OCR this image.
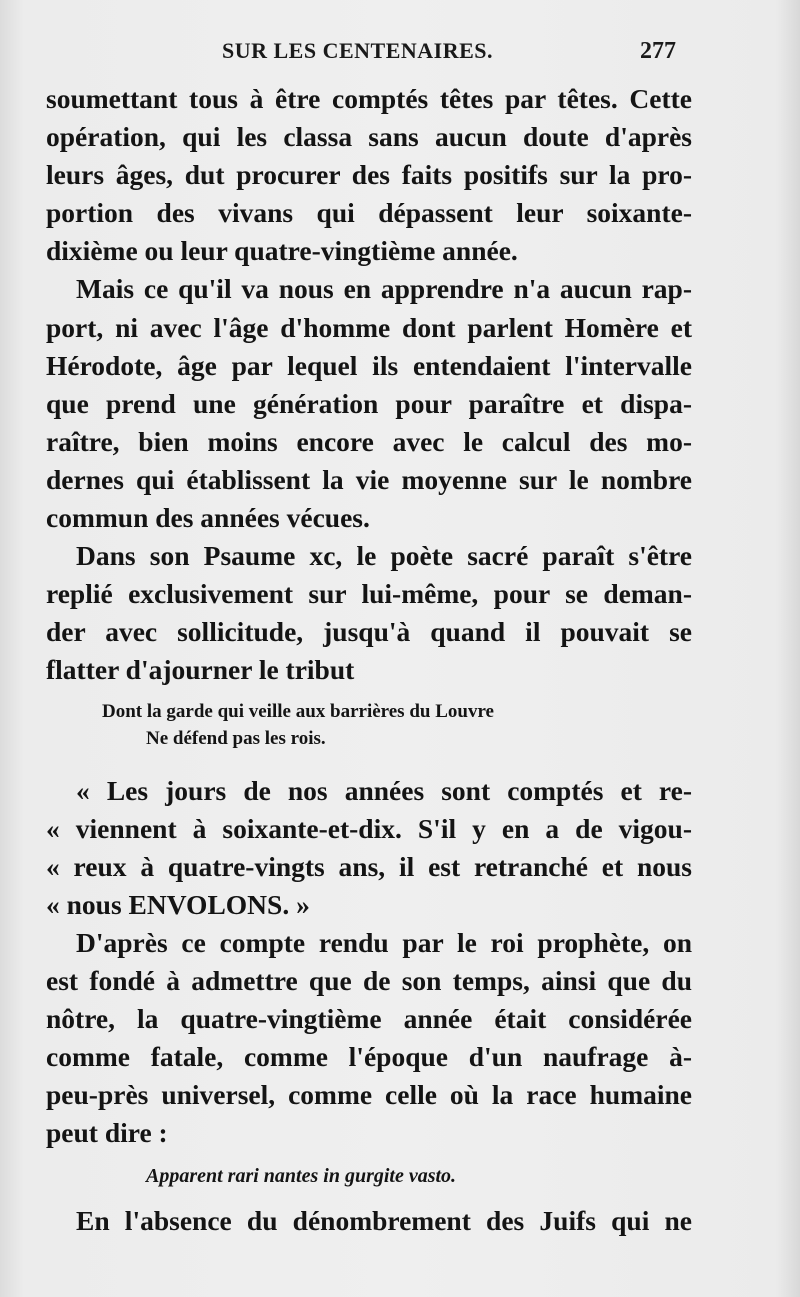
SUR LES CENTENAIRES.	277
soumettant tous à être comptés têtes par têtes. Cette
opération, qui les classa sans aucun doute d'après
leurs âges, dut procurer des faits positifs sur la pro-
portion des vivans qui dépassent leur soixante-
dixième ou leur quatre-vingtième année.
Mais ce qu'il va nous en apprendre n'a aucun rap-
port, ni avec l'âge d'homme dont parlent Homère et
Hérodote, âge par lequel ils entendaient l'intervalle
que prend une génération pour paraître et dispa-
raître, bien moins encore avec le calcul des mo-
dernes qui établissent la vie moyenne sur le nombre
commun des années vécues.
Dans son Psaume xc, le poète sacré paraît s'être
replié exclusivement sur lui-même, pour se deman-
der avec sollicitude, jusqu'à quand il pouvait se
flatter d'ajourner le tribut
Dont la garde qui veille aux barrières du Louvre
Ne défend pas les rois.
« Les jours de nos années sont comptés et re-
« viennent à soixante-et-dix. S'il y en a de vigou-
« reux à quatre-vingts ans, il est retranché et nous
« nous ENVOLONS. »
D'après ce compte rendu par le roi prophète, on
est fondé à admettre que de son temps, ainsi que du
nôtre, la quatre-vingtième année était considérée
comme fatale, comme l'époque d'un naufrage à-
peu-près universel, comme celle où la race humaine
peut dire :
Apparent rari nantes in gurgite vasto.
En l'absence du dénombrement des Juifs qui ne
